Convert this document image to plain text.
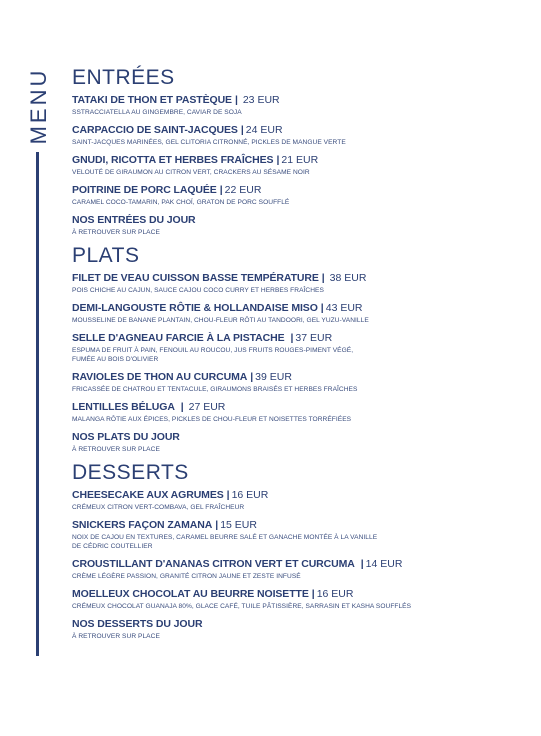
MENU ENTRÉES
TATAKI DE THON ET PASTÈQUE | 23 EUR
SSTRACCIATELLA AU GINGEMBRE, CAVIAR DE SOJA
CARPACCIO DE SAINT-JACQUES | 24 EUR
SAINT-JACQUES MARINÉES, GEL CLITORIA CITRONNÉ, PICKLES DE MANGUE VERTE
GNUDI, RICOTTA ET HERBES FRAÎCHES | 21 EUR
VELOUTÉ DE GIRAUMON AU CITRON VERT, CRACKERS AU SÉSAME NOIR
POITRINE DE PORC LAQUÉE | 22 EUR
CARAMEL COCO-TAMARIN, PAK CHOÏ, GRATON DE PORC SOUFFLÉ
NOS ENTRÉES DU JOUR
À RETROUVER SUR PLACE
PLATS
FILET DE VEAU CUISSON BASSE TEMPÉRATURE | 38 EUR
POIS CHICHE AU CAJUN, SAUCE CAJOU COCO CURRY ET HERBES FRAÎCHES
DEMI-LANGOUSTE RÔTIE & HOLLANDAISE MISO | 43 EUR
MOUSSELINE DE BANANE PLANTAIN, CHOU-FLEUR RÔTI AU TANDOORI, GEL YUZU-VANILLE
SELLE D'AGNEAU FARCIE À LA PISTACHE | 37 EUR
ESPUMA DE FRUIT À PAIN, FENOUIL AU ROUCOU, JUS FRUITS ROUGES-PIMENT VÉGÉ,
FUMÉE AU BOIS D'OLIVIER
RAVIOLES DE THON AU CURCUMA | 39 EUR
FRICASSÉE DE CHATROU ET TENTACULE, GIRAUMONS BRAISÉS ET HERBES FRAÎCHES
LENTILLES BÉLUGA | 27 EUR
MALANGA RÔTIE AUX ÉPICES, PICKLES DE CHOU-FLEUR ET NOISETTES TORRÉFIÉES
NOS PLATS DU JOUR
À RETROUVER SUR PLACE
DESSERTS
CHEESECAKE AUX AGRUMES | 16 EUR
CRÉMEUX CITRON VERT-COMBAVA, GEL FRAÎCHEUR
SNICKERS FAÇON ZAMANA | 15 EUR
NOIX DE CAJOU EN TEXTURES, CARAMEL BEURRE SALÉ ET GANACHE MONTÉE À LA VANILLE
DE CÉDRIC COUTELLIER
CROUSTILLANT D'ANANAS CITRON VERT ET CURCUMA | 14 EUR
CRÈME LÉGÈRE PASSION, GRANITÉ CITRON JAUNE ET ZESTE INFUSÉ
MOELLEUX CHOCOLAT AU BEURRE NOISETTE | 16 EUR
CRÉMEUX CHOCOLAT GUANAJA 80%, GLACE CAFÉ, TUILE PÂTISSIÈRE, SARRASIN ET KASHA SOUFFLÉS
NOS DESSERTS DU JOUR
À RETROUVER SUR PLACE
